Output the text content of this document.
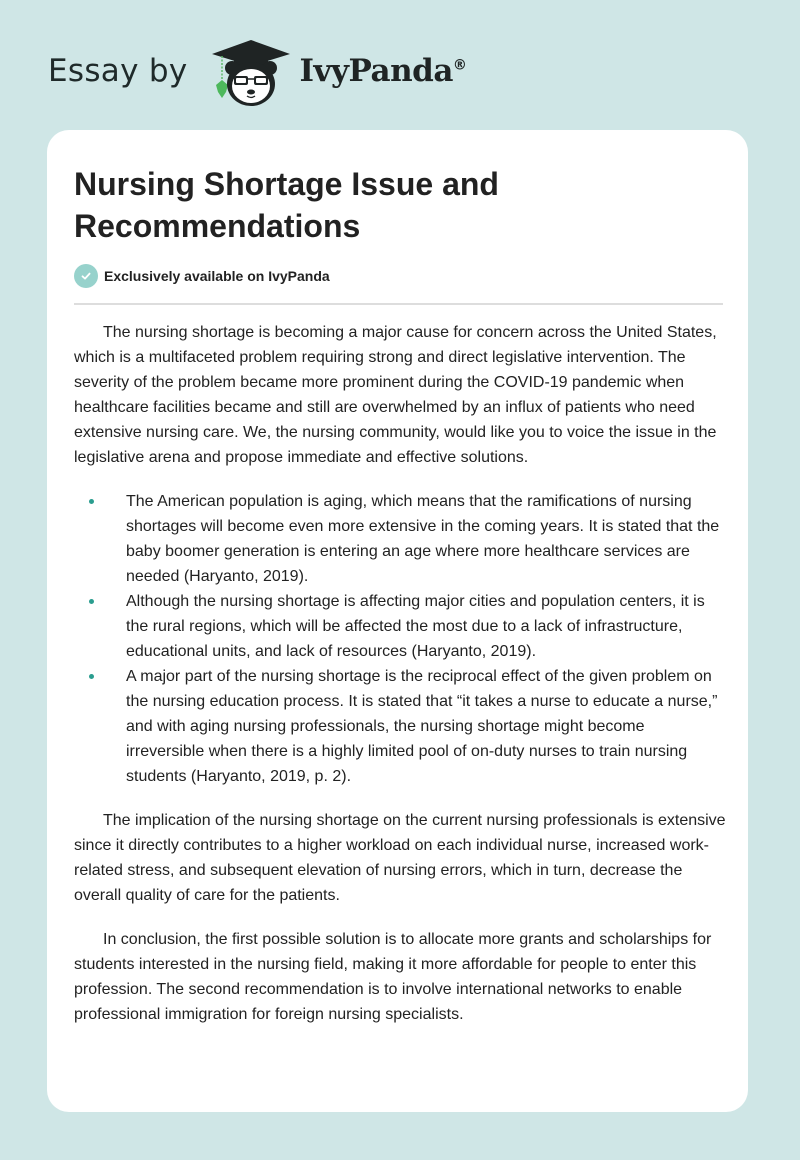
Essay by	IvyPanda®
Nursing Shortage Issue and Recommendations
Exclusively available on IvyPanda

The nursing shortage is becoming a major cause for concern across the United States, which is a multifaceted problem requiring strong and direct legislative intervention. The severity of the problem became more prominent during the COVID-19 pandemic when healthcare facilities became and still are overwhelmed by an influx of patients who need extensive nursing care. We, the nursing community, would like you to voice the issue in the legislative arena and propose immediate and effective solutions.

The American population is aging, which means that the ramifications of nursing shortages will become even more extensive in the coming years. It is stated that the baby boomer generation is entering an age where more healthcare services are needed (Haryanto, 2019).
Although the nursing shortage is affecting major cities and population centers, it is the rural regions, which will be affected the most due to a lack of infrastructure, educational units, and lack of resources (Haryanto, 2019).
A major part of the nursing shortage is the reciprocal effect of the given problem on the nursing education process. It is stated that “it takes a nurse to educate a nurse,” and with aging nursing professionals, the nursing shortage might become irreversible when there is a highly limited pool of on-duty nurses to train nursing students (Haryanto, 2019, p. 2).

The implication of the nursing shortage on the current nursing professionals is extensive since it directly contributes to a higher workload on each individual nurse, increased work-related stress, and subsequent elevation of nursing errors, which in turn, decrease the overall quality of care for the patients.

In conclusion, the first possible solution is to allocate more grants and scholarships for students interested in the nursing field, making it more affordable for people to enter this profession. The second recommendation is to involve international networks to enable professional immigration for foreign nursing specialists.
